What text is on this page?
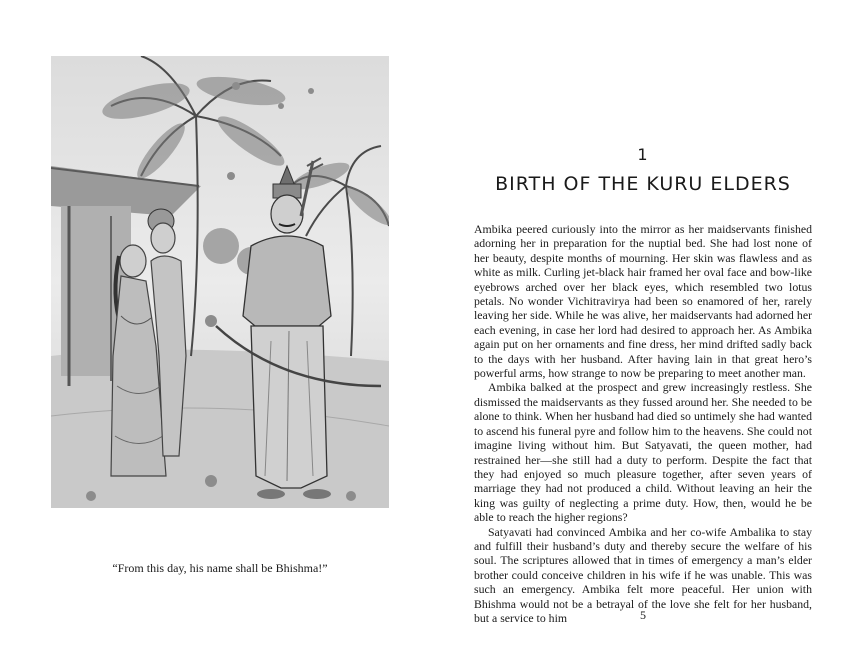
“From this day, his name shall be Bhishma!”
1
BIRTH OF THE KURU ELDERS

Ambika peered curiously into the mirror as her maidservants finished adorning her in preparation for the nuptial bed. She had lost none of her beauty, despite months of mourning. Her skin was flawless and as white as milk. Curling jet-black hair framed her oval face and bow-like eyebrows arched over her black eyes, which resembled two lotus petals. No wonder Vichitravirya had been so enamored of her, rarely leaving her side. While he was alive, her maidservants had adorned her each evening, in case her lord had desired to approach her. As Ambika again put on her ornaments and fine dress, her mind drifted sadly back to the days with her husband. After having lain in that great hero’s powerful arms, how strange to now be preparing to meet another man.

Ambika balked at the prospect and grew increasingly restless. She dismissed the maidservants as they fussed around her. She needed to be alone to think. When her husband had died so untimely she had wanted to ascend his funeral pyre and follow him to the heavens. She could not imagine living without him. But Satyavati, the queen mother, had restrained her—she still had a duty to perform. Despite the fact that they had enjoyed so much pleasure together, after seven years of marriage they had not produced a child. Without leaving an heir the king was guilty of neglecting a prime duty. How, then, would he be able to reach the higher regions?

Satyavati had convinced Ambika and her co-wife Ambalika to stay and fulfill their husband’s duty and thereby secure the welfare of his soul. The scriptures allowed that in times of emergency a man’s elder brother could conceive children in his wife if he was unable. This was such an emergency. Ambika felt more peaceful. Her union with Bhishma would not be a betrayal of the love she felt for her husband, but a service to him	5
